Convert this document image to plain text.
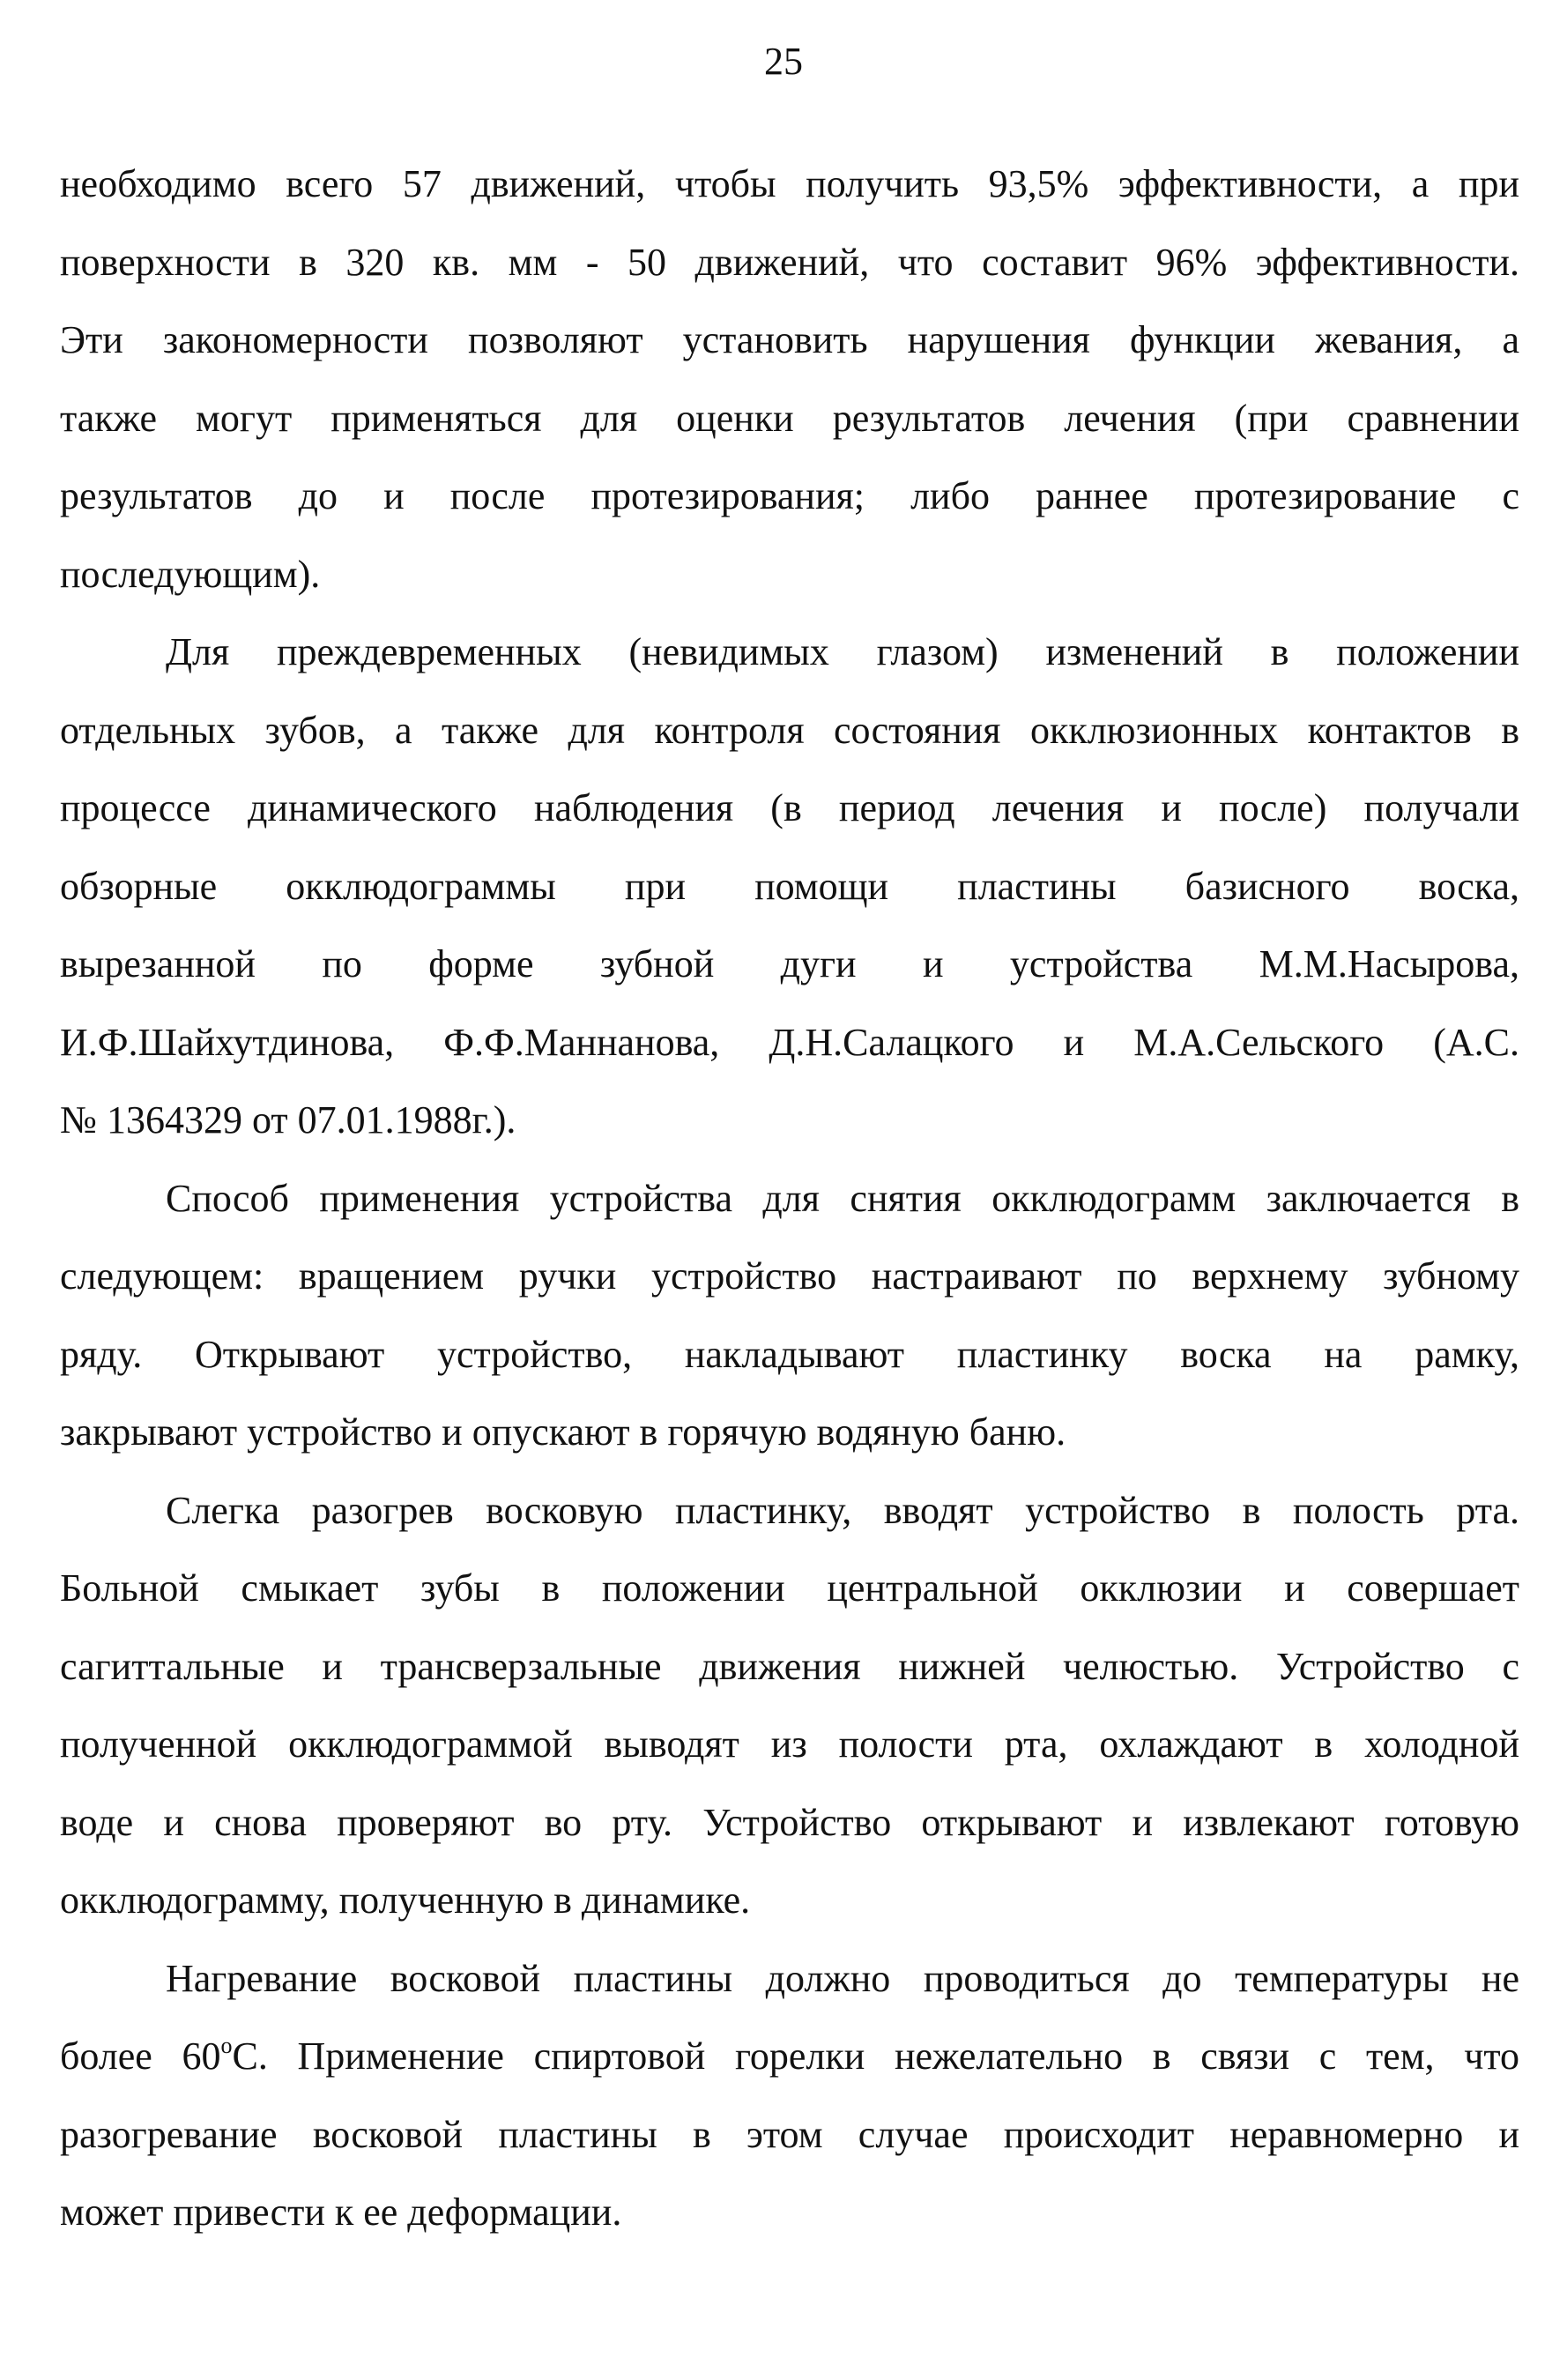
25
необходимо всего 57 движений, чтобы получить 93,5% эффективности, а при
поверхности в 320 кв. мм - 50 движений, что составит 96% эффективности.
Эти закономерности позволяют установить нарушения функции жевания, а
также могут применяться для оценки результатов лечения (при сравнении
результатов до и после протезирования; либо раннее протезирование с
последующим).
Для преждевременных (невидимых глазом) изменений в положении
отдельных зубов, а также для контроля состояния окклюзионных контактов в
процессе динамического наблюдения (в период лечения и после) получали
обзорные окклюдограммы при помощи пластины базисного воска,
вырезанной по форме зубной дуги и устройства М.М.Насырова,
И.Ф.Шайхутдинова, Ф.Ф.Маннанова, Д.Н.Салацкого и М.А.Сельского (А.С.
№ 1364329 от 07.01.1988г.).
Способ применения устройства для снятия окклюдограмм заключается в
следующем: вращением ручки устройство настраивают по верхнему зубному
ряду. Открывают устройство, накладывают пластинку воска на рамку,
закрывают устройство и опускают в горячую водяную баню.
Слегка разогрев восковую пластинку, вводят устройство в полость рта.
Больной смыкает зубы в положении центральной окклюзии и совершает
сагиттальные и трансверзальные движения нижней челюстью. Устройство с
полученной окклюдограммой выводят из полости рта, охлаждают в холодной
воде и снова проверяют во рту. Устройство открывают и извлекают готовую
окклюдограмму, полученную в динамике.
Нагревание восковой пластины должно проводиться до температуры не
более 60$^o$С. Применение спиртовой горелки нежелательно в связи с тем, что
разогревание восковой пластины в этом случае происходит неравномерно и
может привести к ее деформации.
